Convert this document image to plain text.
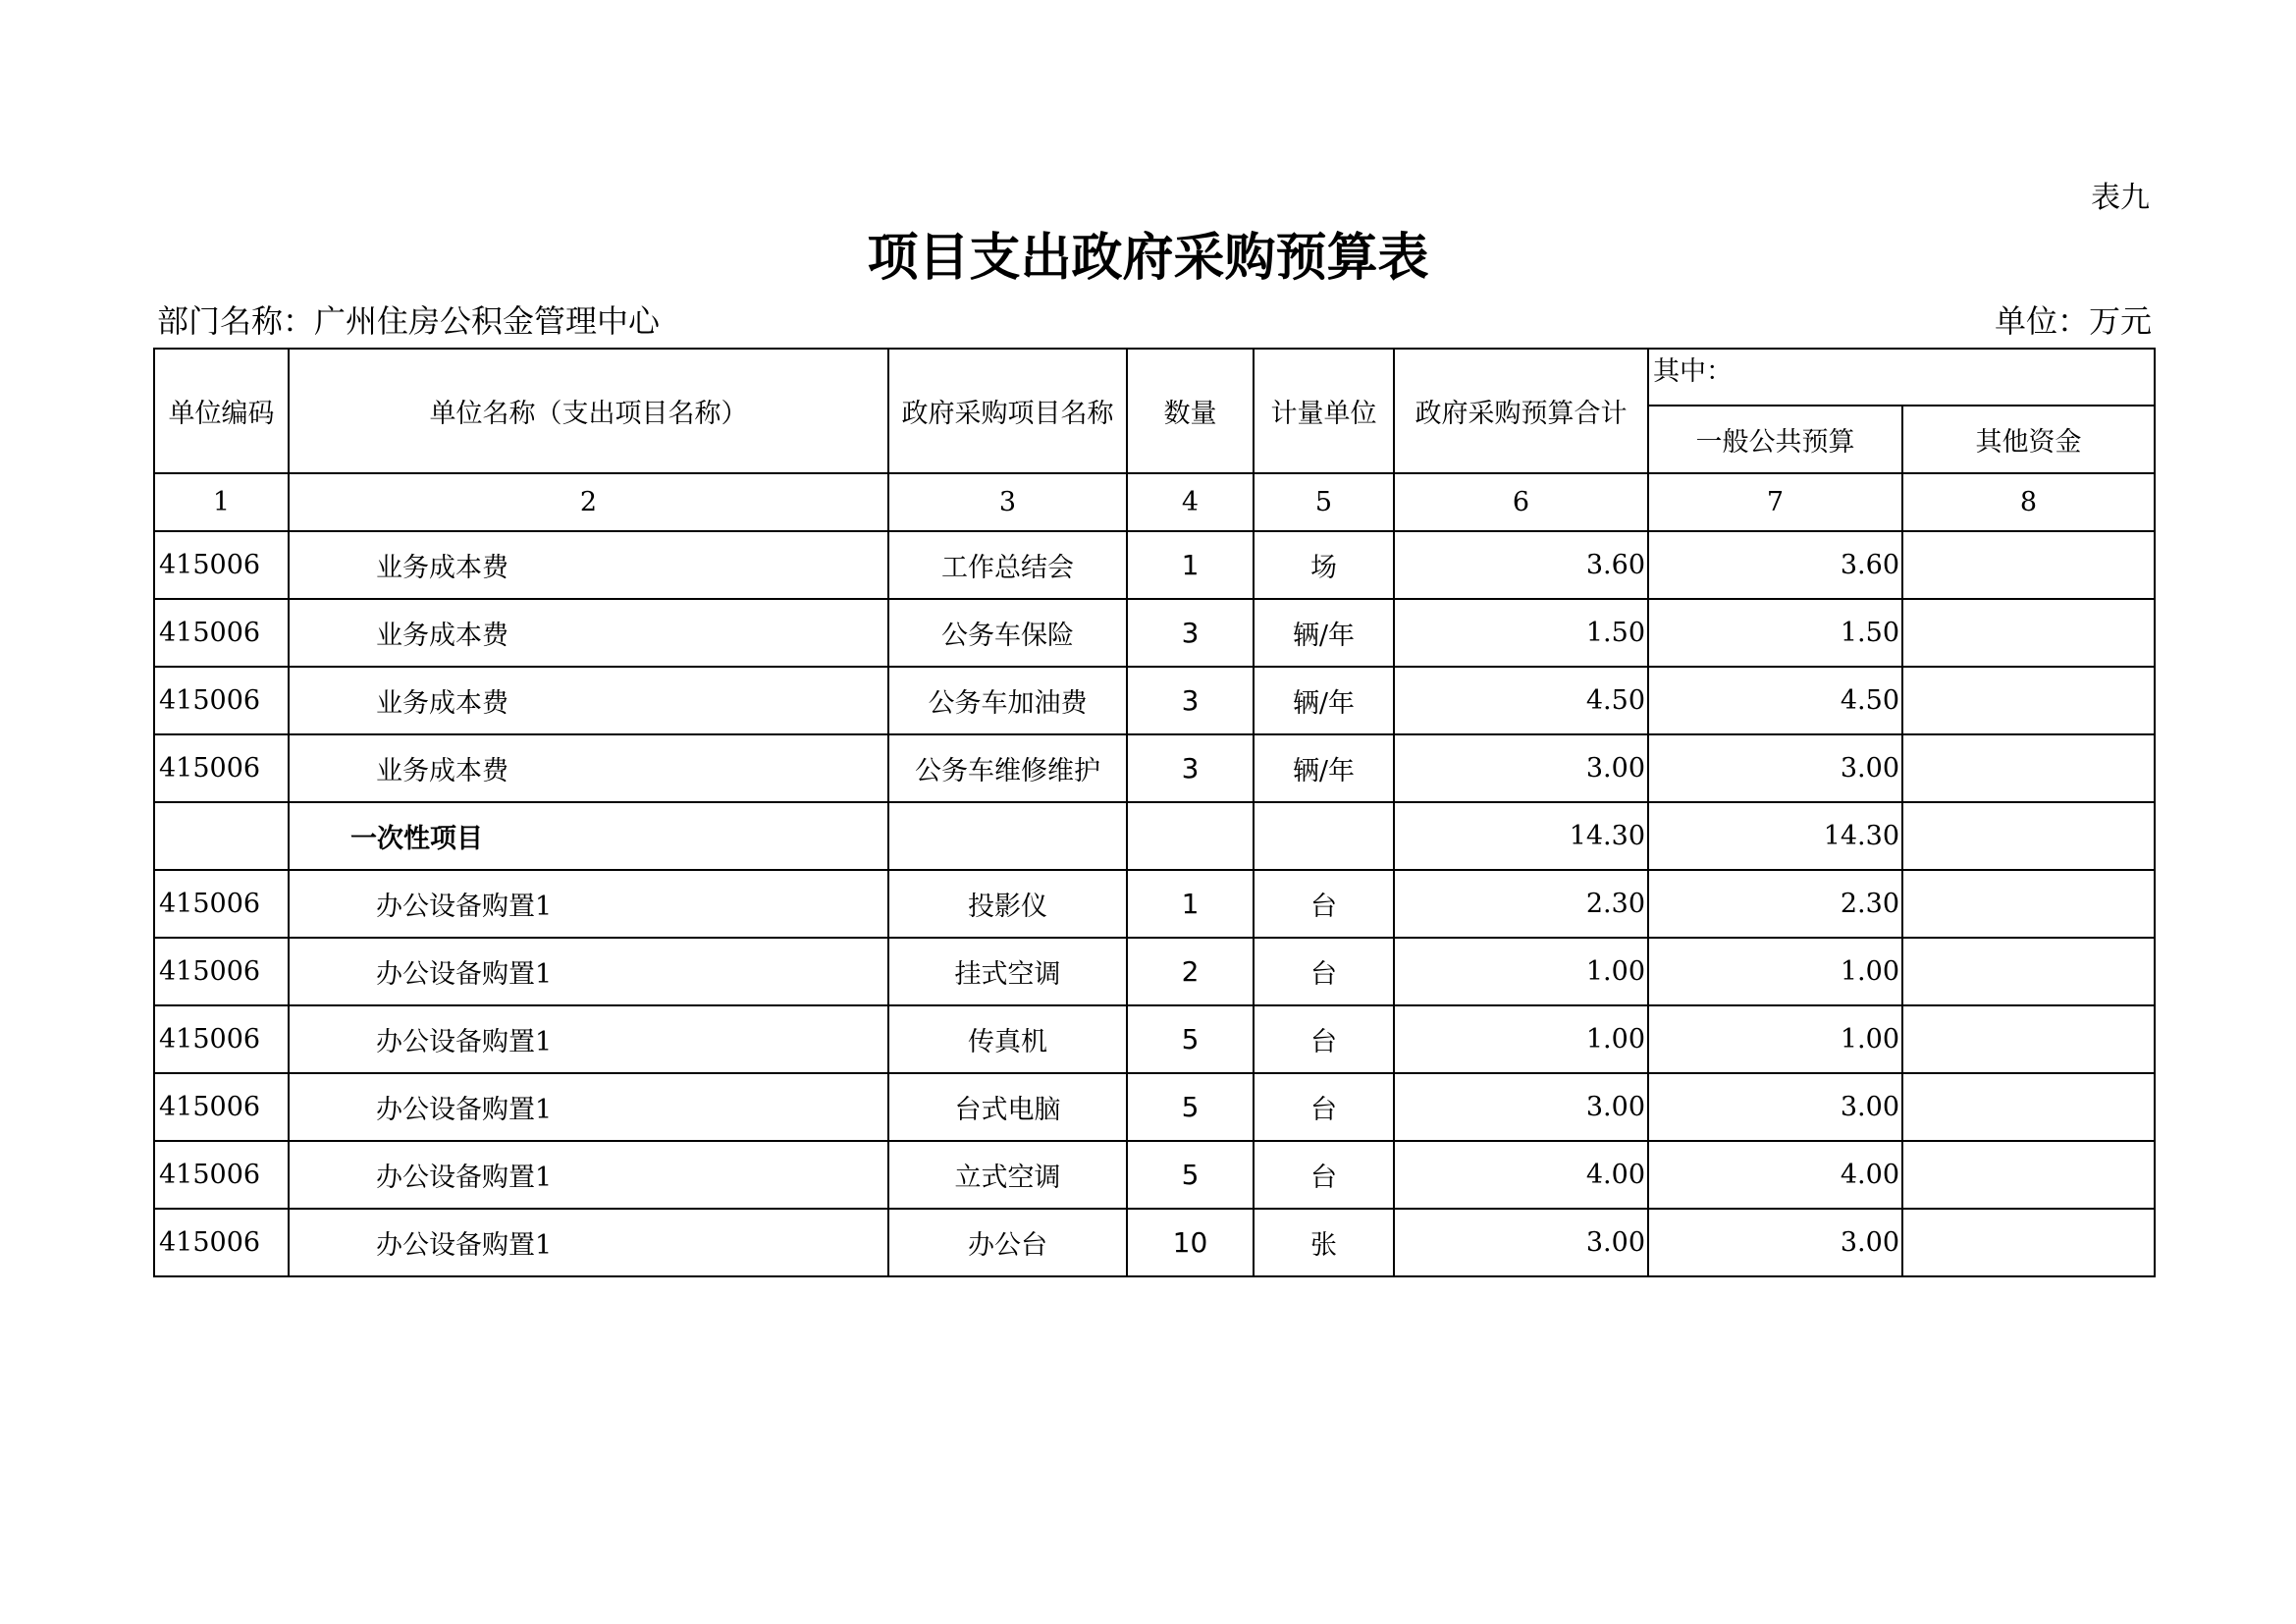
表九
项目支出政府采购预算表
部门名称：广州住房公积金管理中心	单位：万元
单位编码	单位名称（支出项目名称）	政府采购项目名称	数量	计量单位	政府采购预算合计	其中：	
						一般公共预算	其他资金
1	2	3	4	5	6	7	8
415006	业务成本费	工作总结会	1	场	3.60	3.60	
415006	业务成本费	公务车保险	3	辆/年	1.50	1.50	
415006	业务成本费	公务车加油费	3	辆/年	4.50	4.50	
415006	业务成本费	公务车维修维护	3	辆/年	3.00	3.00	
	一次性项目				14.30	14.30	
415006	办公设备购置1	投影仪	1	台	2.30	2.30	
415006	办公设备购置1	挂式空调	2	台	1.00	1.00	
415006	办公设备购置1	传真机	5	台	1.00	1.00	
415006	办公设备购置1	台式电脑	5	台	3.00	3.00	
415006	办公设备购置1	立式空调	5	台	4.00	4.00	
415006	办公设备购置1	办公台	10	张	3.00	3.00	
